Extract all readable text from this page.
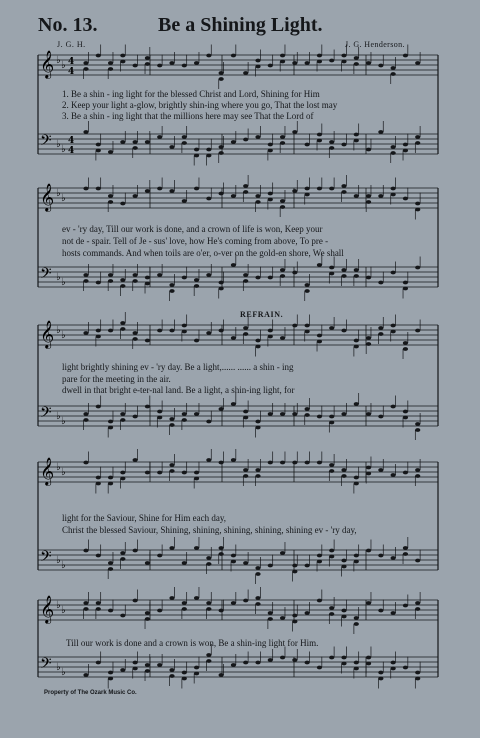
No. 13.	Be a Shining Light.
J. G. H.	J. G. Henderson.
𝄞 ♭ ♭
𝄢 ♭ ♭
4
4
4
4
𝄞 ♭ ♭
𝄢 ♭ ♭
𝄞 ♭ ♭
𝄢 ♭ ♭
𝄞 ♭ ♭
𝄢 ♭ ♭
𝄞 ♭ ♭
𝄢 ♭ ♭
1. Be a shin - ing light for the blessed Christ and Lord, Shining for Him
2. Keep your light a-glow, brightly shin-ing where you go, That the lost may
3. Be a shin - ing light that the millions here may see That the Lord of
ev - 'ry day, Till our work is done, and a crown of life is won, Keep your
not de - spair. Tell of Je - sus' love, how He's coming from above, To pre -
hosts commands. And when toils are o'er, o-ver on the gold-en shore, We shall
REFRAIN.
light brightly shining ev - 'ry day. Be a light,...... ...... a shin - ing
pare for the meeting in the air.
dwell in that bright e-ter-nal land. Be a light, a shin-ing light, for
light for the Saviour, Shine for Him each day,
Christ the blessed Saviour, Shining, shining, shining, shining, shining ev - 'ry day,
Till our work is done and a crown is won, Be a shin-ing light for Him.
Property of The Ozark Music Co.
